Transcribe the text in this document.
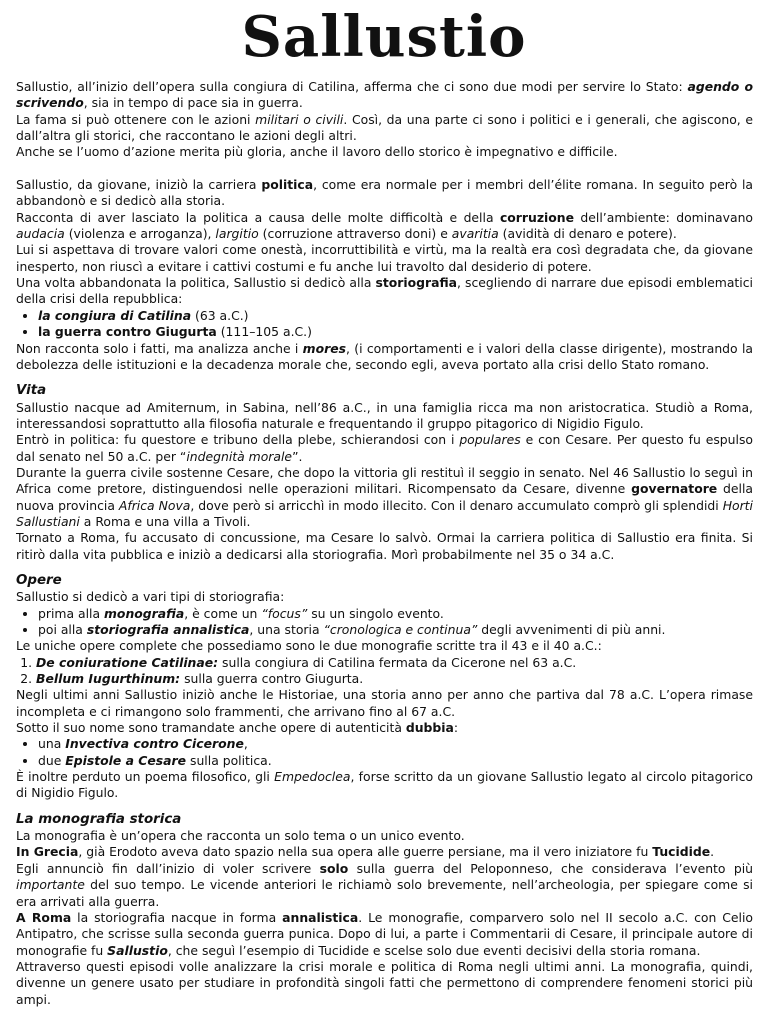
Sallustio

Sallustio, all’inizio dell’opera sulla congiura di Catilina, afferma che ci sono due modi per servire lo Stato: agendo o scrivendo, sia in tempo di pace sia in guerra.

La fama si può ottenere con le azioni militari o civili. Così, da una parte ci sono i politici e i generali, che agiscono, e dall’altra gli storici, che raccontano le azioni degli altri.

Anche se l’uomo d’azione merita più gloria, anche il lavoro dello storico è impegnativo e difficile.

Sallustio, da giovane, iniziò la carriera politica, come era normale per i membri dell’élite romana. In seguito però la abbandonò e si dedicò alla storia.

Racconta di aver lasciato la politica a causa delle molte difficoltà e della corruzione dell’ambiente: dominavano audacia (violenza e arroganza), largitio (corruzione attraverso doni) e avaritia (avidità di denaro e potere).

Lui si aspettava di trovare valori come onestà, incorruttibilità e virtù, ma la realtà era così degradata che, da giovane inesperto, non riuscì a evitare i cattivi costumi e fu anche lui travolto dal desiderio di potere.

Una volta abbandonata la politica, Sallustio si dedicò alla storiografia, scegliendo di narrare due episodi emblematici della crisi della repubblica:

• la congiura di Catilina (63 a.C.)
• la guerra contro Giugurta (111–105 a.C.)

Non racconta solo i fatti, ma analizza anche i mores, (i comportamenti e i valori della classe dirigente), mostrando la debolezza delle istituzioni e la decadenza morale che, secondo egli, aveva portato alla crisi dello Stato romano.

Vita

Sallustio nacque ad Amiternum, in Sabina, nell’86 a.C., in una famiglia ricca ma non aristocratica. Studiò a Roma, interessandosi soprattutto alla filosofia naturale e frequentando il gruppo pitagorico di Nigidio Figulo.

Entrò in politica: fu questore e tribuno della plebe, schierandosi con i populares e con Cesare. Per questo fu espulso dal senato nel 50 a.C. per “indegnità morale”.

Durante la guerra civile sostenne Cesare, che dopo la vittoria gli restituì il seggio in senato. Nel 46 Sallustio lo seguì in Africa come pretore, distinguendosi nelle operazioni militari. Ricompensato da Cesare, divenne governatore della nuova provincia Africa Nova, dove però si arricchì in modo illecito. Con il denaro accumulato comprò gli splendidi Horti Sallustiani a Roma e una villa a Tivoli.

Tornato a Roma, fu accusato di concussione, ma Cesare lo salvò. Ormai la carriera politica di Sallustio era finita. Si ritirò dalla vita pubblica e iniziò a dedicarsi alla storiografia. Morì probabilmente nel 35 o 34 a.C.

Opere

Sallustio si dedicò a vari tipi di storiografia:

• prima alla monografia, è come un “focus” su un singolo evento.
• poi alla storiografia annalistica, una storia “cronologica e continua” degli avvenimenti di più anni.

Le uniche opere complete che possediamo sono le due monografie scritte tra il 43 e il 40 a.C.:

1. De coniuratione Catilinae: sulla congiura di Catilina fermata da Cicerone nel 63 a.C.
2. Bellum Iugurthinum: sulla guerra contro Giugurta.

Negli ultimi anni Sallustio iniziò anche le Historiae, una storia anno per anno che partiva dal 78 a.C. L’opera rimase incompleta e ci rimangono solo frammenti, che arrivano fino al 67 a.C.

Sotto il suo nome sono tramandate anche opere di autenticità dubbia:

• una Invectiva contro Cicerone,
• due Epistole a Cesare sulla politica.

È inoltre perduto un poema filosofico, gli Empedoclea, forse scritto da un giovane Sallustio legato al circolo pitagorico di Nigidio Figulo.

La monografia storica

La monografia è un’opera che racconta un solo tema o un unico evento.

In Grecia, già Erodoto aveva dato spazio nella sua opera alle guerre persiane, ma il vero iniziatore fu Tucidide.

Egli annunciò fin dall’inizio di voler scrivere solo sulla guerra del Peloponneso, che considerava l’evento più importante del suo tempo. Le vicende anteriori le richiamò solo brevemente, nell’archeologia, per spiegare come si era arrivati alla guerra.

A Roma la storiografia nacque in forma annalistica. Le monografie, comparvero solo nel II secolo a.C. con Celio Antipatro, che scrisse sulla seconda guerra punica. Dopo di lui, a parte i Commentarii di Cesare, il principale autore di monografie fu Sallustio, che seguì l’esempio di Tucidide e scelse solo due eventi decisivi della storia romana.

Attraverso questi episodi volle analizzare la crisi morale e politica di Roma negli ultimi anni. La monografia, quindi, divenne un genere usato per studiare in profondità singoli fatti che permettono di comprendere fenomeni storici più ampi.
